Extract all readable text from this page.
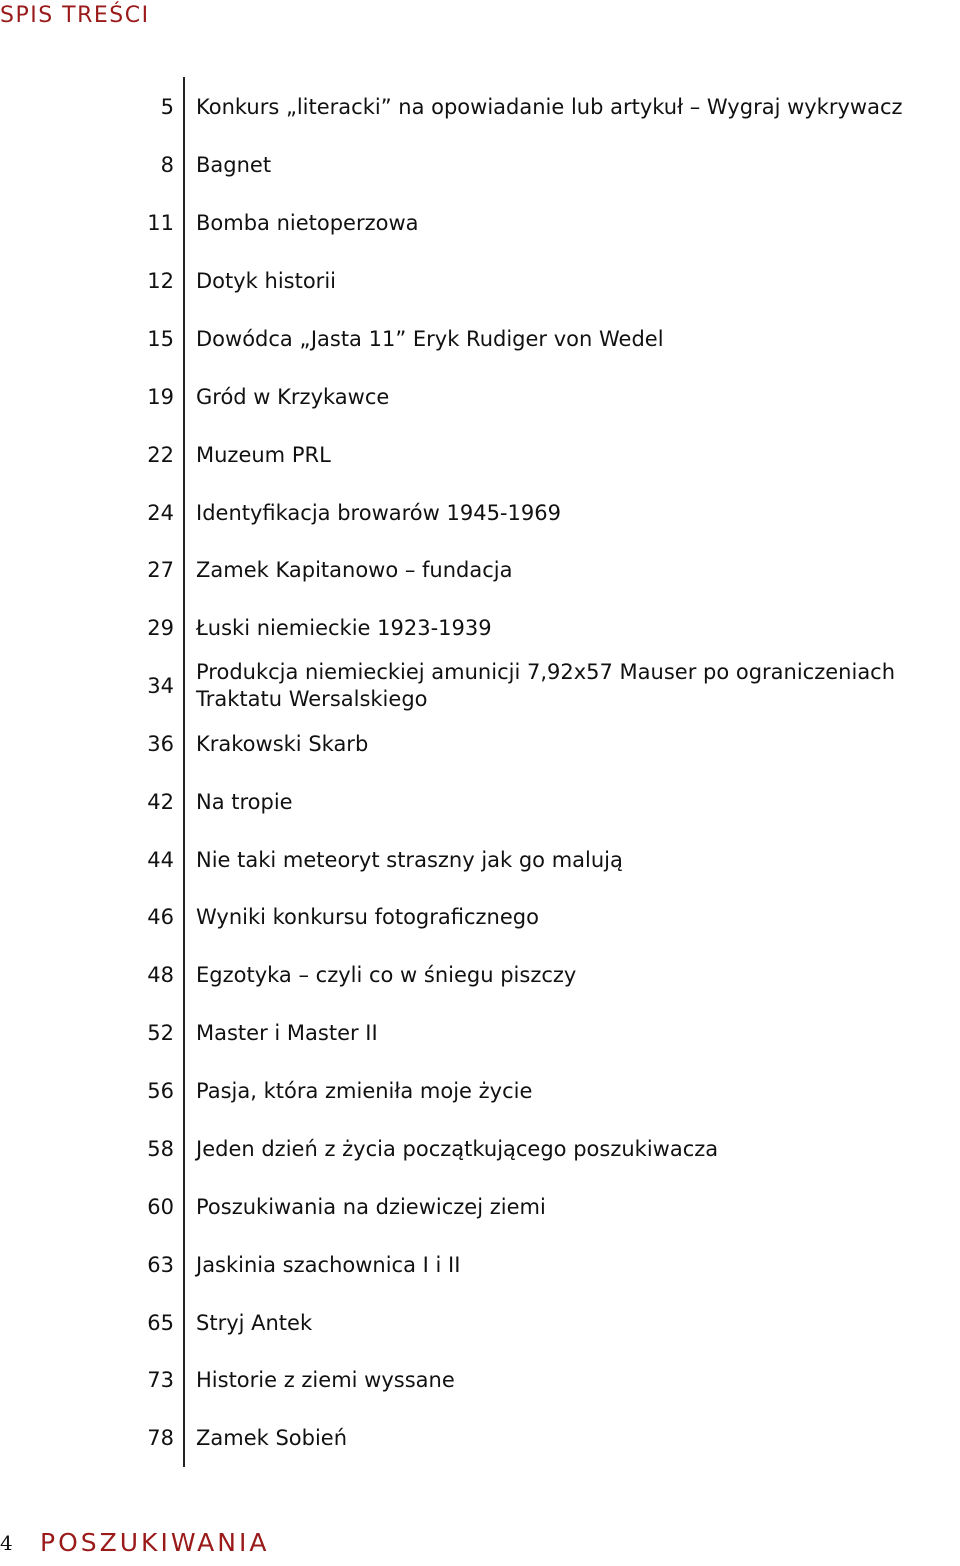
SPIS TREŚCI
5 Konkurs „literacki” na opowiadanie lub artykuł – Wygraj wykrywacz
8 Bagnet
11 Bomba nietoperzowa
12 Dotyk historii
15 Dowódca „Jasta 11” Eryk Rudiger von Wedel
19 Gród w Krzykawce
22 Muzeum PRL
24 Identyfikacja browarów 1945-1969
27 Zamek Kapitanowo – fundacja
29 Łuski niemieckie 1923-1939
34
Produkcja niemieckiej amunicji 7,92x57 Mauser po ograniczeniach Traktatu Wersalskiego
36 Krakowski Skarb
42 Na tropie
44 Nie taki meteoryt straszny jak go malują
46 Wyniki konkursu fotograficznego
48 Egzotyka – czyli co w śniegu piszczy
52 Master i Master II
56 Pasja, która zmieniła moje życie
58 Jeden dzień z życia początkującego poszukiwacza
60 Poszukiwania na dziewiczej ziemi
63 Jaskinia szachownica I i II
65 Stryj Antek
73 Historie z ziemi wyssane
78 Zamek Sobień
4 POSZUKIWANIA
